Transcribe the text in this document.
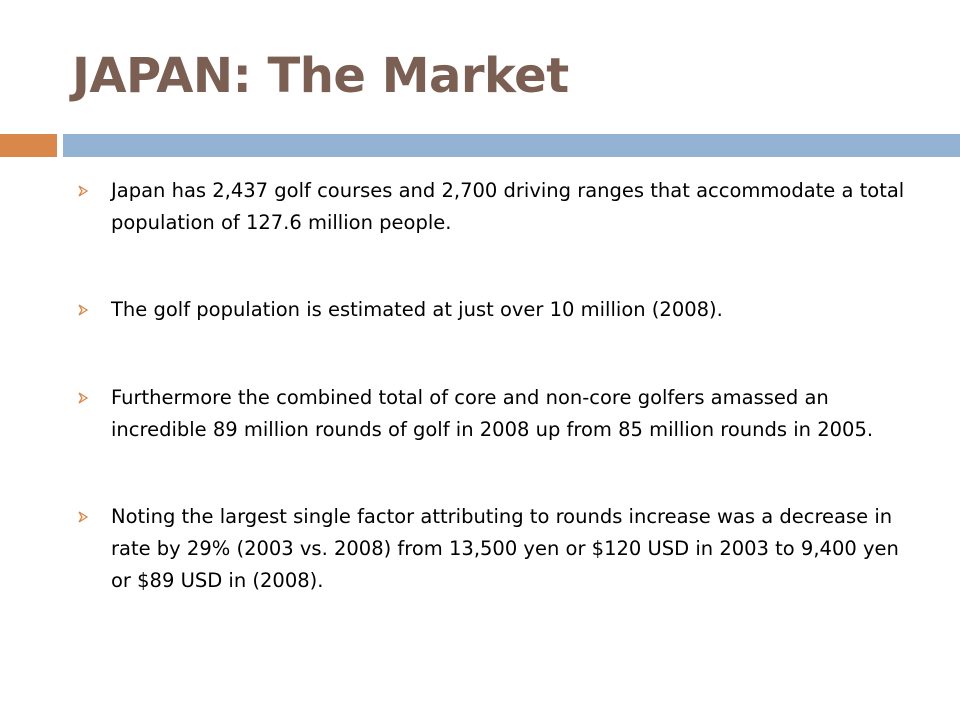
JAPAN: The Market
Japan has 2,437 golf courses and 2,700 driving ranges that accommodate a total population of 127.6 million people.
The golf population is estimated at just over 10 million (2008).
Furthermore the combined total of core and non-core golfers amassed an incredible 89 million rounds of golf in 2008 up from 85 million rounds in 2005.
Noting the largest single factor attributing to rounds increase was a decrease in rate by 29% (2003 vs. 2008) from 13,500 yen or $120 USD in 2003 to 9,400 yen or $89 USD in (2008).
